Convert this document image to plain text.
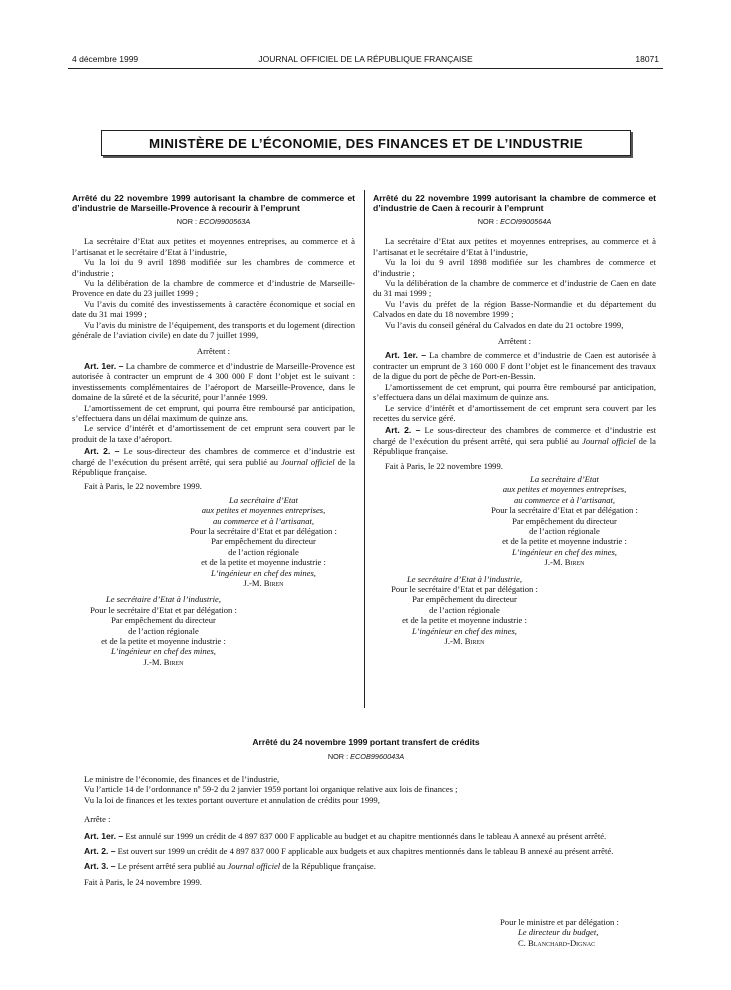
4 décembre 1999	JOURNAL OFFICIEL DE LA RÉPUBLIQUE FRANÇAISE	18071
MINISTÈRE DE L’ÉCONOMIE, DES FINANCES ET DE L’INDUSTRIE
Arrêté du 22 novembre 1999 autorisant la chambre de commerce et d’industrie de Marseille-Provence à recourir à l’emprunt
NOR : ECOI9900563A

La secrétaire d’Etat aux petites et moyennes entreprises, au commerce et à l’artisanat et le secrétaire d’Etat à l’industrie,

Vu la loi du 9 avril 1898 modifiée sur les chambres de commerce et d’industrie ;

Vu la délibération de la chambre de commerce et d’industrie de Marseille-Provence en date du 23 juillet 1999 ;

Vu l’avis du comité des investissements à caractère économique et social en date du 31 mai 1999 ;

Vu l’avis du ministre de l’équipement, des transports et du logement (direction générale de l’aviation civile) en date du 7 juillet 1999,

Arrêtent :

Art. 1er. – La chambre de commerce et d’industrie de Marseille-Provence est autorisée à contracter un emprunt de 4 300 000 F dont l’objet est le suivant : investissements complémentaires de l’aéroport de Marseille-Provence, dans le domaine de la sûreté et de la sécurité, pour l’année 1999.

L’amortissement de cet emprunt, qui pourra être remboursé par anticipation, s’effectuera dans un délai maximum de quinze ans.

Le service d’intérêt et d’amortissement de cet emprunt sera couvert par le produit de la taxe d’aéroport.

Art. 2. – Le sous-directeur des chambres de commerce et d’industrie est chargé de l’exécution du présent arrêté, qui sera publié au Journal officiel de la République française.

Fait à Paris, le 22 novembre 1999.

La secrétaire d’Etat
aux petites et moyennes entreprises,
au commerce et à l’artisanat,
Pour la secrétaire d’Etat et par délégation :
Par empêchement du directeur
de l’action régionale
et de la petite et moyenne industrie :
L’ingénieur en chef des mines,
J.-M. Biren
Le secrétaire d’Etat à l’industrie,
Pour le secrétaire d’Etat et par délégation :
Par empêchement du directeur
de l’action régionale
et de la petite et moyenne industrie :
L’ingénieur en chef des mines,
J.-M. Biren
Arrêté du 22 novembre 1999 autorisant la chambre de commerce et d’industrie de Caen à recourir à l’emprunt
NOR : ECOI9900564A

La secrétaire d’Etat aux petites et moyennes entreprises, au commerce et à l’artisanat et le secrétaire d’Etat à l’industrie,

Vu la loi du 9 avril 1898 modifiée sur les chambres de commerce et d’industrie ;

Vu la délibération de la chambre de commerce et d’industrie de Caen en date du 31 mai 1999 ;

Vu l’avis du préfet de la région Basse-Normandie et du département du Calvados en date du 18 novembre 1999 ;

Vu l’avis du conseil général du Calvados en date du 21 octobre 1999,

Arrêtent :

Art. 1er. – La chambre de commerce et d’industrie de Caen est autorisée à contracter un emprunt de 3 160 000 F dont l’objet est le financement des travaux de la digue du port de pêche de Port-en-Bessin.

L’amortissement de cet emprunt, qui pourra être remboursé par anticipation, s’effectuera dans un délai maximum de quinze ans.

Le service d’intérêt et d’amortissement de cet emprunt sera couvert par les recettes du service géré.

Art. 2. – Le sous-directeur des chambres de commerce et d’industrie est chargé de l’exécution du présent arrêté, qui sera publié au Journal officiel de la République française.

Fait à Paris, le 22 novembre 1999.

La secrétaire d’Etat
aux petites et moyennes entreprises,
au commerce et à l’artisanat,
Pour la secrétaire d’Etat et par délégation :
Par empêchement du directeur
de l’action régionale
et de la petite et moyenne industrie :
L’ingénieur en chef des mines,
J.-M. Biren
Le secrétaire d’Etat à l’industrie,
Pour le secrétaire d’Etat et par délégation :
Par empêchement du directeur
de l’action régionale
et de la petite et moyenne industrie :
L’ingénieur en chef des mines,
J.-M. Biren
Arrêté du 24 novembre 1999 portant transfert de crédits
NOR : ECOB9960043A

Le ministre de l’économie, des finances et de l’industrie,

Vu l’article 14 de l’ordonnance nº 59-2 du 2 janvier 1959 portant loi organique relative aux lois de finances ;

Vu la loi de finances et les textes portant ouverture et annulation de crédits pour 1999,

Arrête :

Art. 1er. – Est annulé sur 1999 un crédit de 4 897 837 000 F applicable au budget et au chapitre mentionnés dans le tableau A annexé au présent arrêté.

Art. 2. – Est ouvert sur 1999 un crédit de 4 897 837 000 F applicable aux budgets et aux chapitres mentionnés dans le tableau B annexé au présent arrêté.

Art. 3. – Le présent arrêté sera publié au Journal officiel de la République française.

Fait à Paris, le 24 novembre 1999.

Pour le ministre et par délégation :
Le directeur du budget,
C. Blanchard-Dignac
